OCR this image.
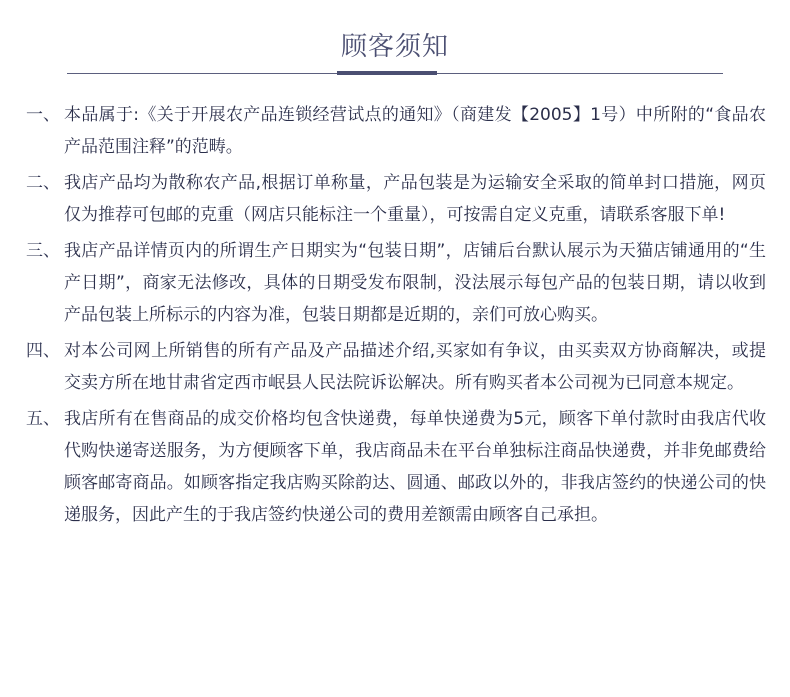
顾客须知
一、 本品属于:《关于开展农产品连锁经营试点的通知》（商建发【2005】1号）中所附的“食品农产品范围注释”的范畴。
二、 我店产品均为散称农产品,根据订单称量，产品包装是为运输安全采取的简单封口措施，网页仅为推荐可包邮的克重（网店只能标注一个重量），可按需自定义克重，请联系客服下单!
三、 我店产品详情页内的所谓生产日期实为“包装日期”，店铺后台默认展示为天猫店铺通用的“生产日期”，商家无法修改，具体的日期受发布限制，没法展示每包产品的包装日期，请以收到产品包装上所标示的内容为准，包装日期都是近期的，亲们可放心购买。
四、 对本公司网上所销售的所有产品及产品描述介绍,买家如有争议，由买卖双方协商解决，或提交卖方所在地甘肃省定西市岷县人民法院诉讼解决。所有购买者本公司视为已同意本规定。
五、 我店所有在售商品的成交价格均包含快递费，每单快递费为5元，顾客下单付款时由我店代收代购快递寄送服务，为方便顾客下单，我店商品未在平台单独标注商品快递费，并非免邮费给顾客邮寄商品。如顾客指定我店购买除韵达、圆通、邮政以外的，非我店签约的快递公司的快递服务，因此产生的于我店签约快递公司的费用差额需由顾客自己承担。
